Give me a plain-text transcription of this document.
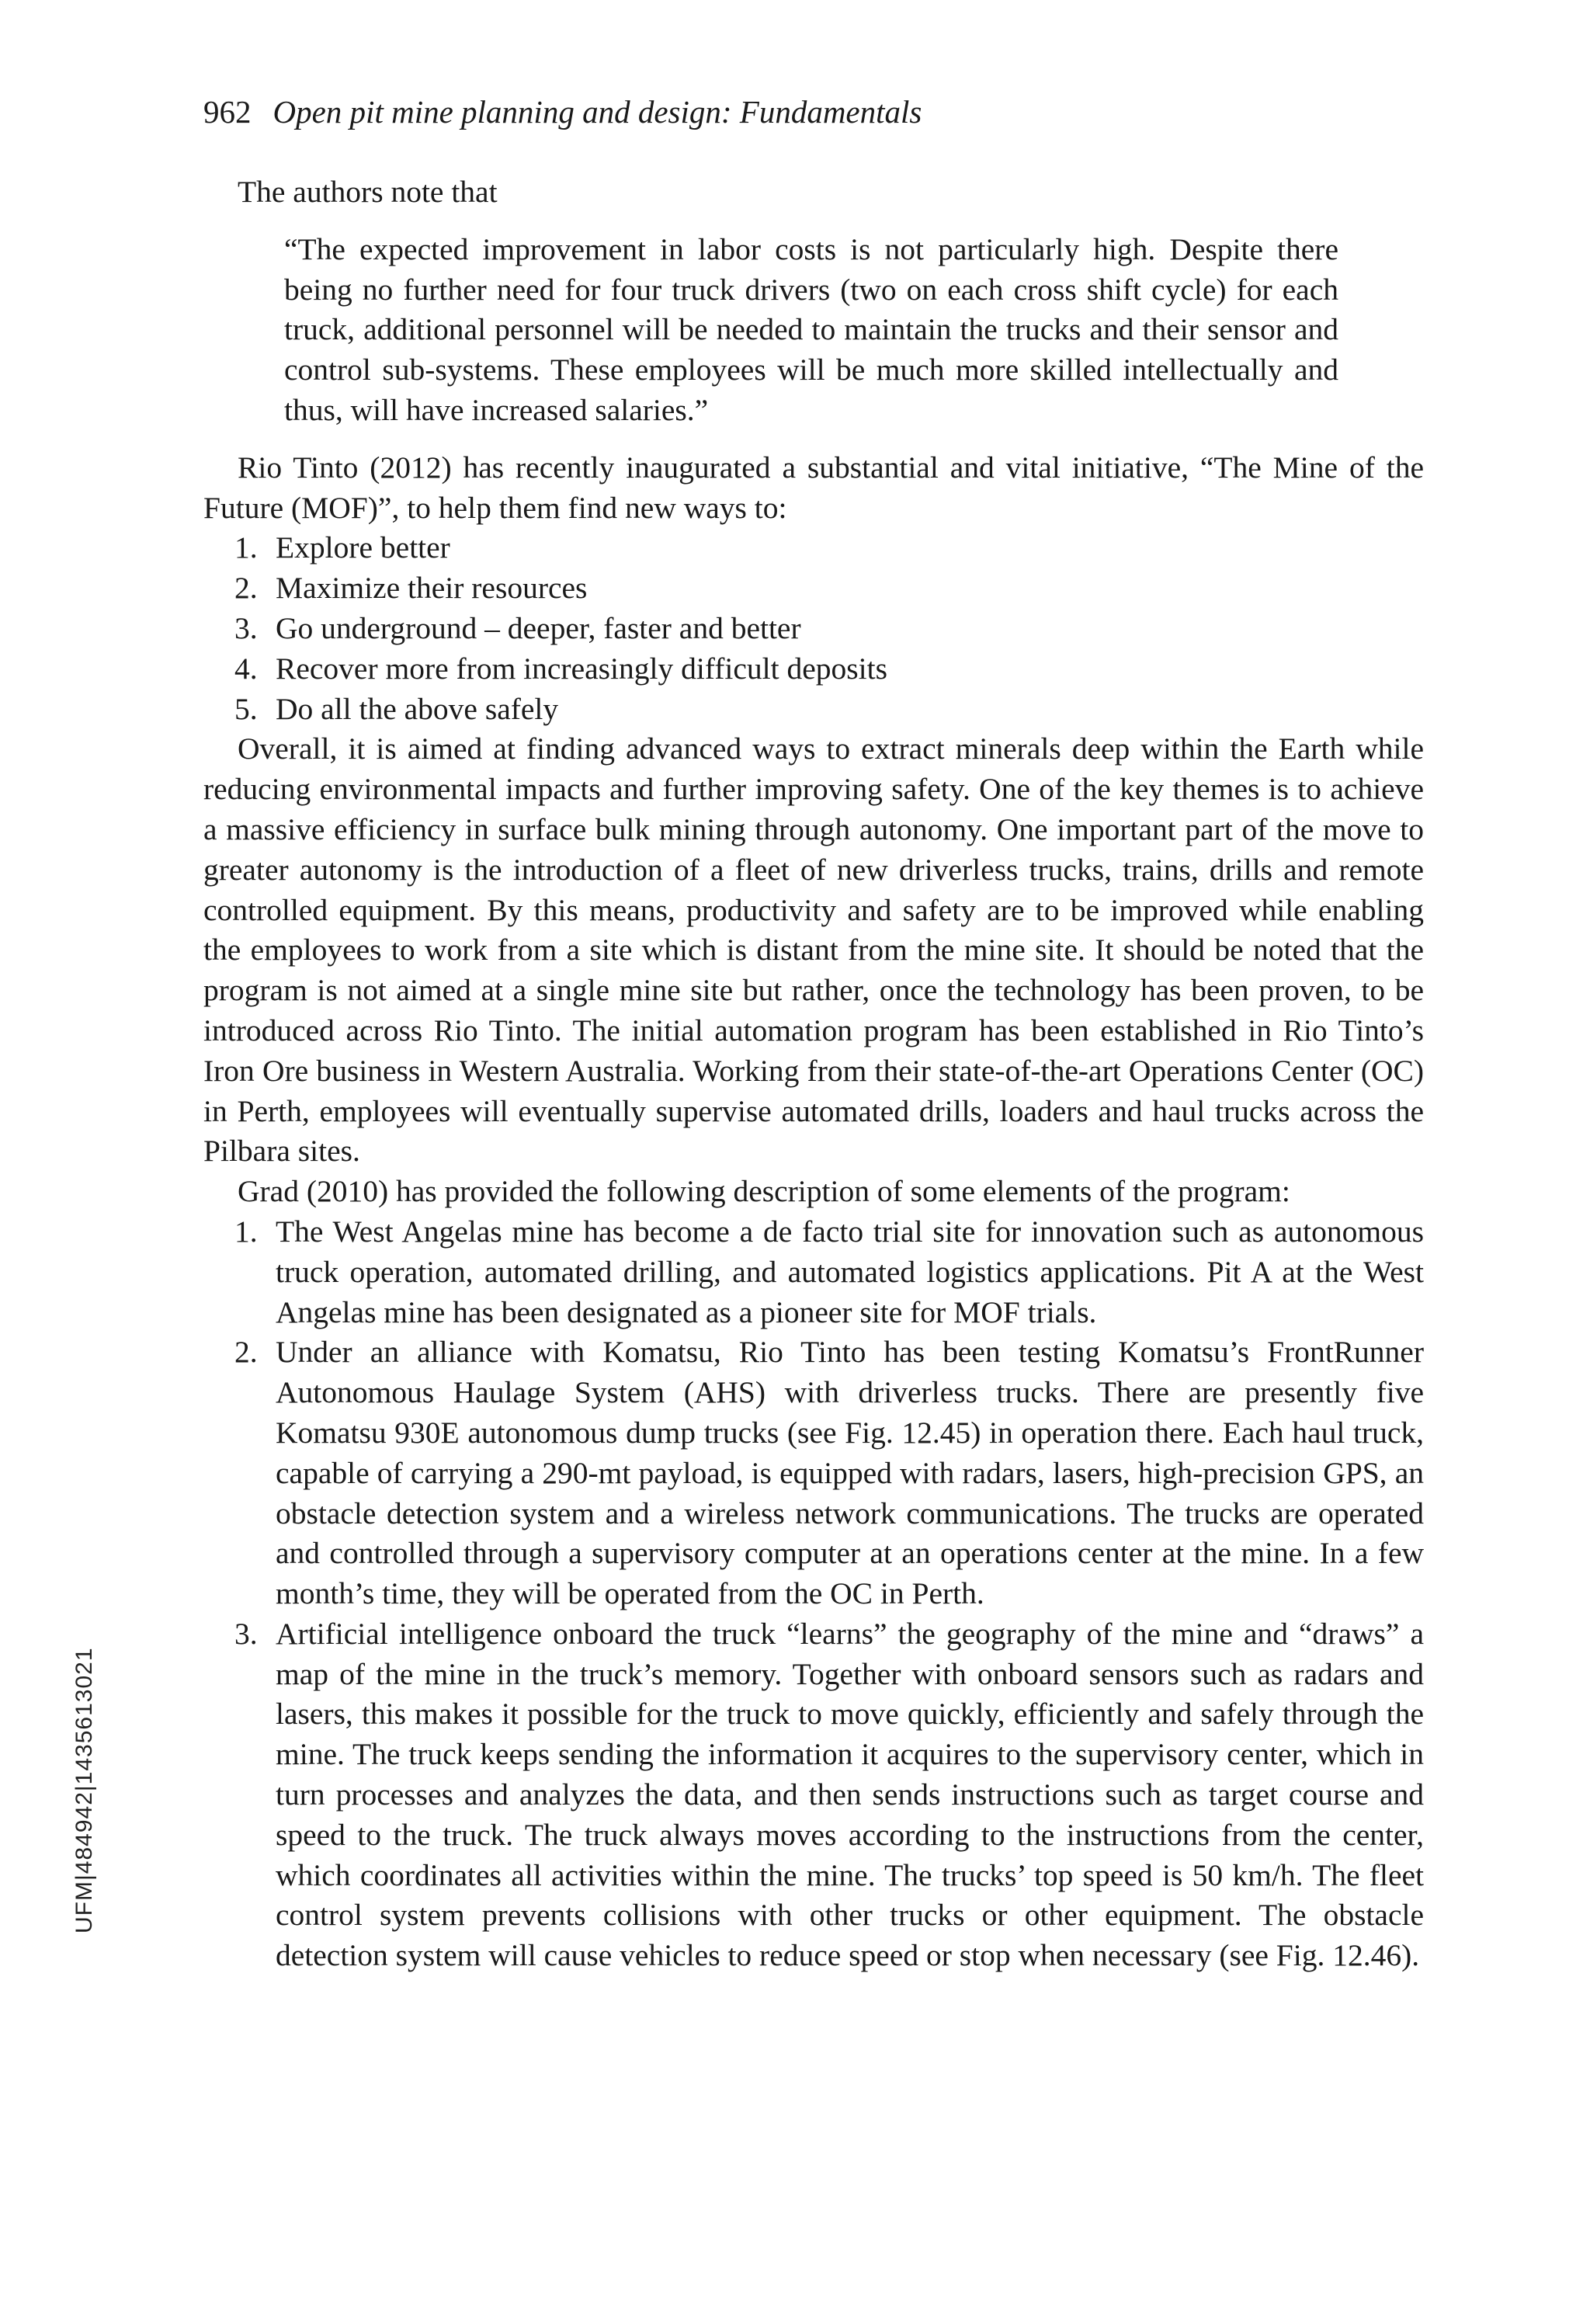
962 Open pit mine planning and design: Fundamentals

The authors note that

“The expected improvement in labor costs is not particularly high. Despite there being no further need for four truck drivers (two on each cross shift cycle) for each truck, additional personnel will be needed to maintain the trucks and their sensor and control sub-systems. These employees will be much more skilled intellectually and thus, will have increased salaries.”

Rio Tinto (2012) has recently inaugurated a substantial and vital initiative, “The Mine of the Future (MOF)”, to help them find new ways to:

1. Explore better
2. Maximize their resources
3. Go underground – deeper, faster and better
4. Recover more from increasingly difficult deposits
5. Do all the above safely

Overall, it is aimed at finding advanced ways to extract minerals deep within the Earth while reducing environmental impacts and further improving safety. One of the key themes is to achieve a massive efficiency in surface bulk mining through autonomy. One important part of the move to greater autonomy is the introduction of a fleet of new driverless trucks, trains, drills and remote controlled equipment. By this means, productivity and safety are to be improved while enabling the employees to work from a site which is distant from the mine site. It should be noted that the program is not aimed at a single mine site but rather, once the technology has been proven, to be introduced across Rio Tinto. The initial automation program has been established in Rio Tinto’s Iron Ore business in Western Australia. Working from their state-of-the-art Operations Center (OC) in Perth, employees will eventually supervise automated drills, loaders and haul trucks across the Pilbara sites.

Grad (2010) has provided the following description of some elements of the program:

1. The West Angelas mine has become a de facto trial site for innovation such as autonomous truck operation, automated drilling, and automated logistics applications. Pit A at the West Angelas mine has been designated as a pioneer site for MOF trials.
2. Under an alliance with Komatsu, Rio Tinto has been testing Komatsu’s FrontRunner Autonomous Haulage System (AHS) with driverless trucks. There are presently five Komatsu 930E autonomous dump trucks (see Fig. 12.45) in operation there. Each haul truck, capable of carrying a 290-mt payload, is equipped with radars, lasers, high-precision GPS, an obstacle detection system and a wireless network communications. The trucks are operated and controlled through a supervisory computer at an operations center at the mine. In a few month’s time, they will be operated from the OC in Perth.
3. Artificial intelligence onboard the truck “learns” the geography of the mine and “draws” a map of the mine in the truck’s memory. Together with onboard sensors such as radars and lasers, this makes it possible for the truck to move quickly, efficiently and safely through the mine. The truck keeps sending the information it acquires to the supervisory center, which in turn processes and analyzes the data, and then sends instructions such as target course and speed to the truck. The truck always moves according to the instructions from the center, which coordinates all activities within the mine. The trucks’ top speed is 50 km/h. The fleet control system prevents collisions with other trucks or other equipment. The obstacle detection system will cause vehicles to reduce speed or stop when necessary (see Fig. 12.46).
UFM|484942|1435613021
